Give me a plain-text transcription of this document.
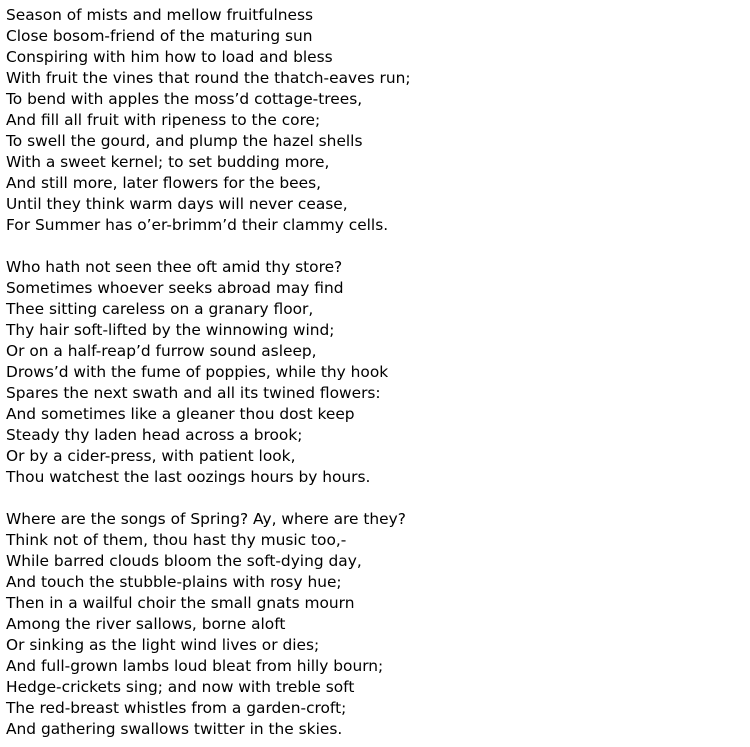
Season of mists and mellow fruitfulness
Close bosom-friend of the maturing sun
Conspiring with him how to load and bless
With fruit the vines that round the thatch-eaves run;
To bend with apples the moss’d cottage-trees,
And fill all fruit with ripeness to the core;
To swell the gourd, and plump the hazel shells
With a sweet kernel; to set budding more,
And still more, later flowers for the bees,
Until they think warm days will never cease,
For Summer has o’er-brimm’d their clammy cells.
Who hath not seen thee oft amid thy store?
Sometimes whoever seeks abroad may find
Thee sitting careless on a granary floor,
Thy hair soft-lifted by the winnowing wind;
Or on a half-reap’d furrow sound asleep,
Drows’d with the fume of poppies, while thy hook
Spares the next swath and all its twined flowers:
And sometimes like a gleaner thou dost keep
Steady thy laden head across a brook;
Or by a cider-press, with patient look,
Thou watchest the last oozings hours by hours.
Where are the songs of Spring? Ay, where are they?
Think not of them, thou hast thy music too,-
While barred clouds bloom the soft-dying day,
And touch the stubble-plains with rosy hue;
Then in a wailful choir the small gnats mourn
Among the river sallows, borne aloft
Or sinking as the light wind lives or dies;
And full-grown lambs loud bleat from hilly bourn;
Hedge-crickets sing; and now with treble soft
The red-breast whistles from a garden-croft;
And gathering swallows twitter in the skies.
